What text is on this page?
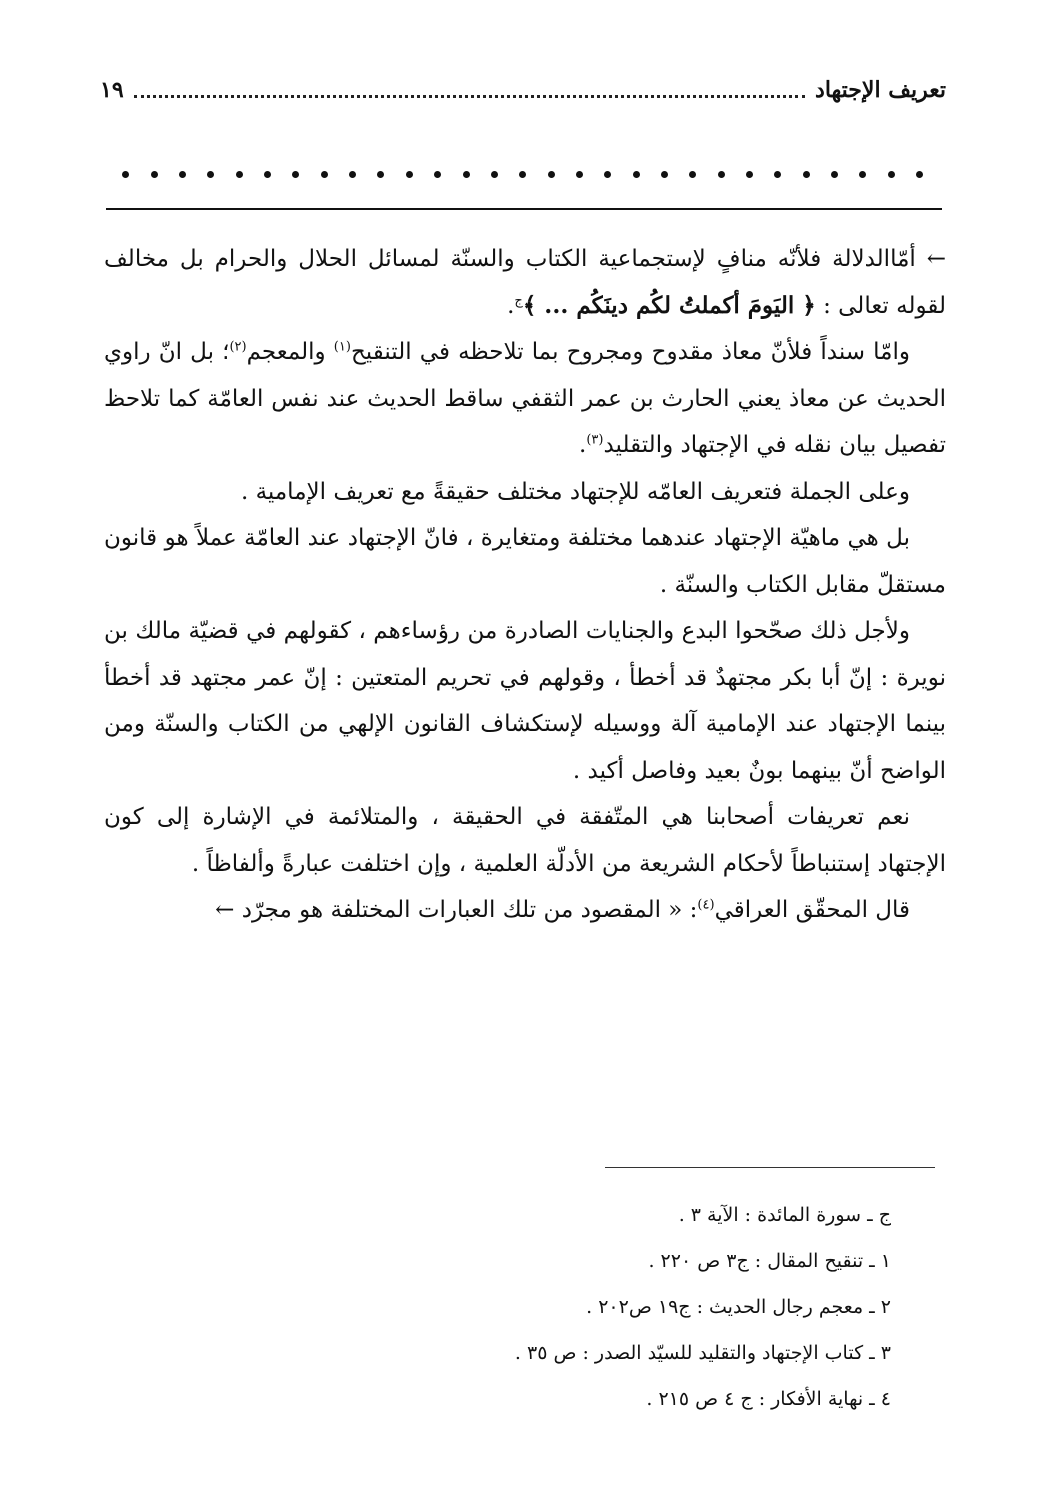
تعريف الإجتهاد
١٩

← أمّاالدلالة فلأنّه منافٍ لإستجماعية الكتاب والسنّة لمسائل الحلال والحرام بل مخالف لقوله تعالى : ﴿ اليَومَ أكملتُ لكُم دينَكُم ... ﴾$^ج$.

وامّا سنداً فلأنّ معاذ مقدوح ومجروح بما تلاحظه في التنقيح$^{(١)}$ والمعجم$^{(٢)}$؛ بل انّ راوي الحديث عن معاذ يعني الحارث بن عمر الثقفي ساقط الحديث عند نفس العامّة كما تلاحظ تفصيل بيان نقله في الإجتهاد والتقليد$^{(٣)}$.

وعلى الجملة فتعريف العامّه للإجتهاد مختلف حقيقةً مع تعريف الإمامية .

بل هي ماهيّة الإجتهاد عندهما مختلفة ومتغايرة ، فانّ الإجتهاد عند العامّة عملاً هو قانون مستقلّ مقابل الكتاب والسنّة .

ولأجل ذلك صحّحوا البدع والجنايات الصادرة من رؤساءهم ، كقولهم في قضيّة مالك بن نويرة : إنّ أبا بكر مجتهدٌ قد أخطأ ، وقولهم في تحريم المتعتين : إنّ عمر مجتهد قد أخطأ بينما الإجتهاد عند الإمامية آلة ووسيله لإستكشاف القانون الإلهي من الكتاب والسنّة ومن الواضح أنّ بينهما بونٌ بعيد وفاصل أكيد .

نعم تعريفات أصحابنا هي المتّفقة في الحقيقة ، والمتلائمة في الإشارة إلى كون الإجتهاد إستنباطاً لأحكام الشريعة من الأدلّة العلمية ، وإن اختلفت عبارةً وألفاظاً .

قال المحقّق العراقي$^{(٤)}$: « المقصود من تلك العبارات المختلفة هو مجرّد ←

ج ـ سورة المائدة : الآية ٣ .

١ ـ تنقيح المقال : ج٣ ص ٢٢٠ .

٢ ـ معجم رجال الحديث : ج١٩ ص٢٠٢ .

٣ ـ كتاب الإجتهاد والتقليد للسيّد الصدر : ص ٣٥ .

٤ ـ نهاية الأفكار : ج ٤ ص ٢١٥ .
